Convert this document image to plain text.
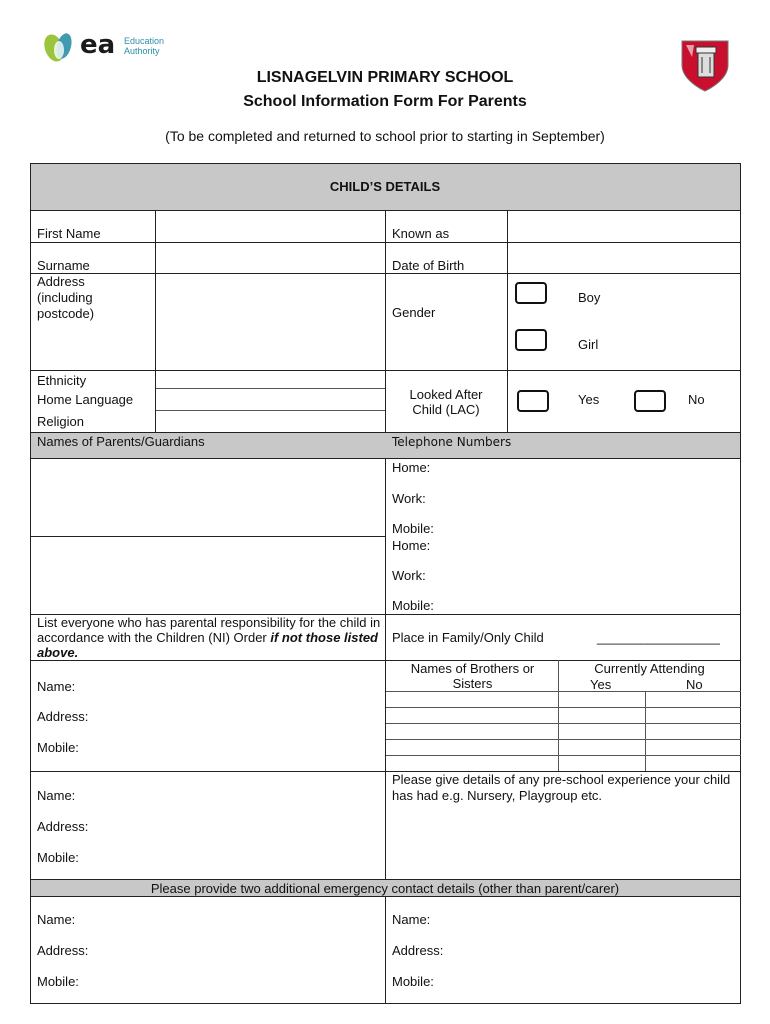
ea Education
Authority
LISNAGELVIN PRIMARY SCHOOL
School Information Form For Parents
(To be completed and returned to school prior to starting in September)
CHILD’S DETAILS
First Name	Known as
Surname	Date of Birth
Address (including postcode)	Gender
Boy
Girl
Ethnicity
Home Language
Religion
Looked After Child (LAC)
Yes	No
Names of Parents/Guardians	Telephone Numbers
Home:
Work:
Mobile:
Home:
Work:
Mobile:
List everyone who has parental responsibility for the child in accordance with the Children (NI) Order if not those listed above.
Place in Family/Only Child	_________________
Names of Brothers or Sisters
Currently Attending
Yes	No
Name:
Address:
Mobile:
Name:
Address:
Mobile:
Please give details of any pre-school experience your child has had e.g. Nursery, Playgroup etc.
Please provide two additional emergency contact details (other than parent/carer)
Name:
Address:
Mobile:
Name:
Address:
Mobile:
